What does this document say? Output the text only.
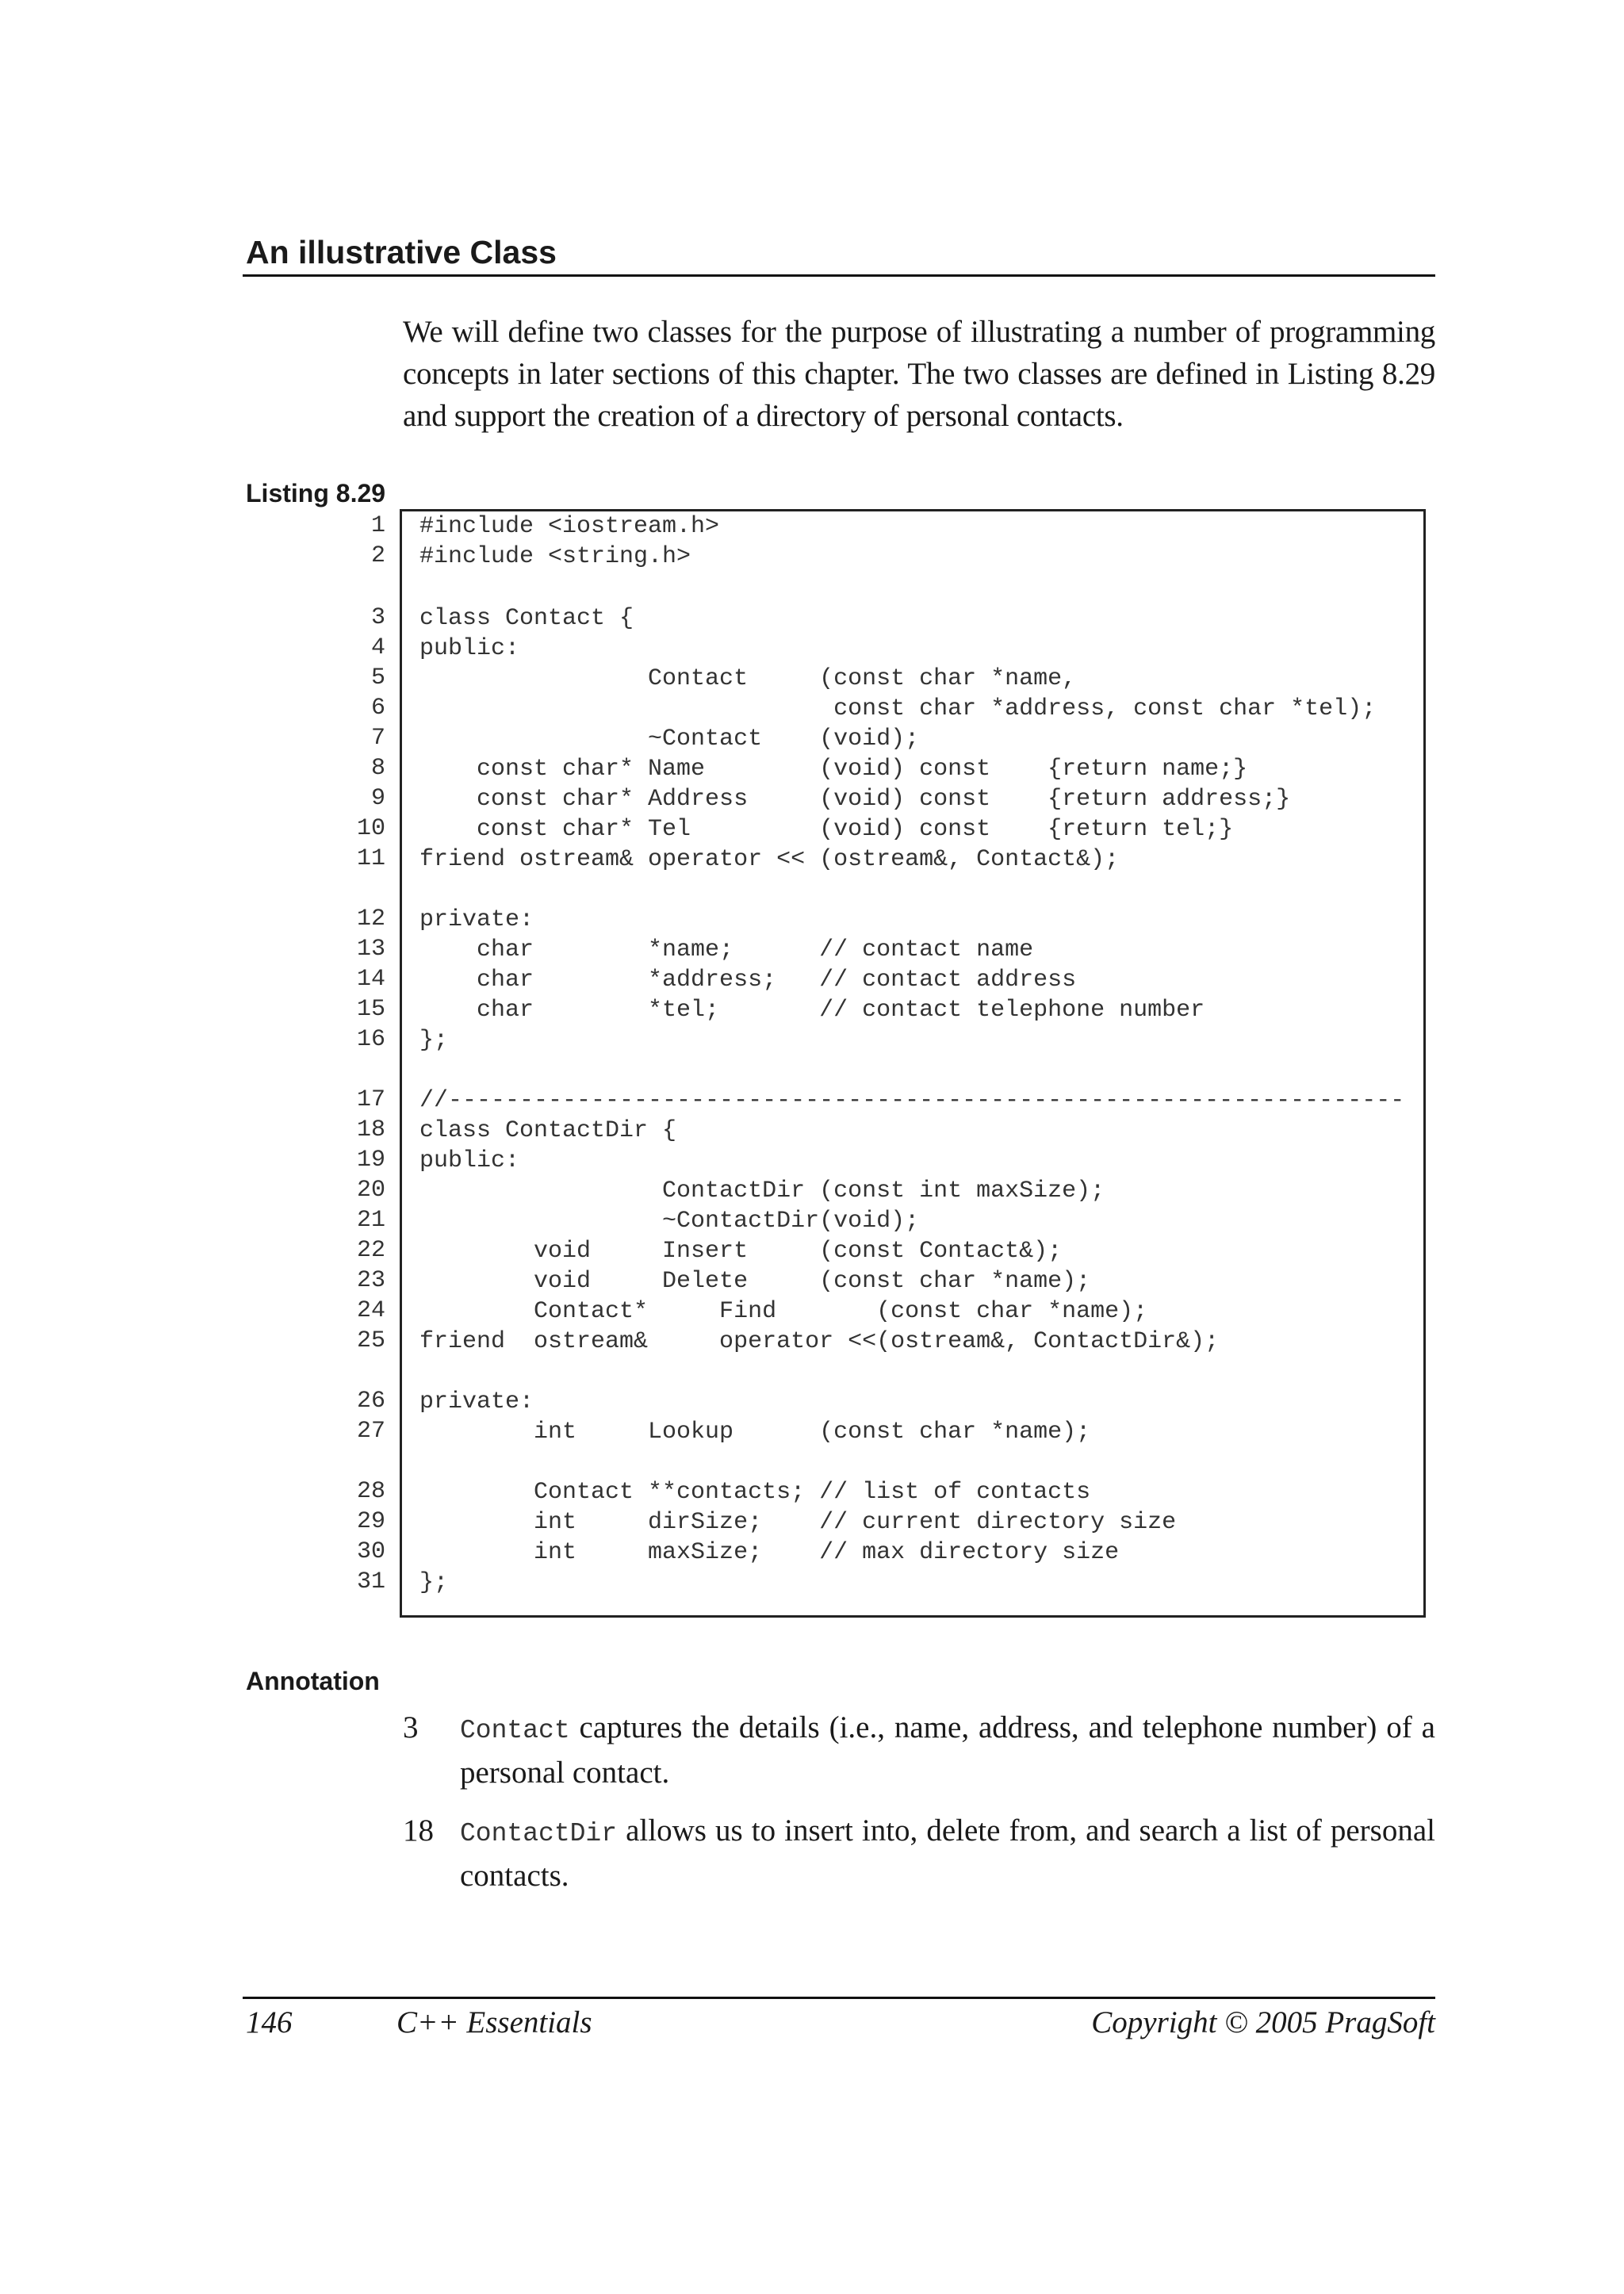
An illustrative Class

We will define two classes for the purpose of illustrating a number of programming concepts in later sections of this chapter. The two classes are defined in Listing 8.29 and support the creation of a directory of personal contacts.

Listing 8.29
1
2
3
4
5
6
7
8
9
10
11
12
13
14
15
16
17
18
19
20
21
22
23
24
25
26
27
28
29
30
31
#include <iostream.h>
#include <string.h>
class Contact {
public:
Contact     (const char *name,
const char *address, const char *tel);
~Contact    (void);
const char* Name        (void) const    {return name;}
const char* Address     (void) const    {return address;}
const char* Tel         (void) const    {return tel;}
friend ostream& operator << (ostream&, Contact&);
private:
char        *name;      // contact name
char        *address;   // contact address
char        *tel;       // contact telephone number
};
//-------------------------------------------------------------------
class ContactDir {
public:
ContactDir (const int maxSize);
~ContactDir(void);
void     Insert     (const Contact&);
void     Delete     (const char *name);
Contact*     Find       (const char *name);
friend  ostream&     operator <<(ostream&, ContactDir&);
private:
int     Lookup      (const char *name);
Contact **contacts; // list of contacts
int     dirSize;    // current directory size
int     maxSize;    // max directory size
};
Annotation
3 Contact captures the details (i.e., name, address, and telephone number) of a personal contact.
18 ContactDir allows us to insert into, delete from, and search a list of personal contacts.
146	C++ Essentials	Copyright © 2005 PragSoft
